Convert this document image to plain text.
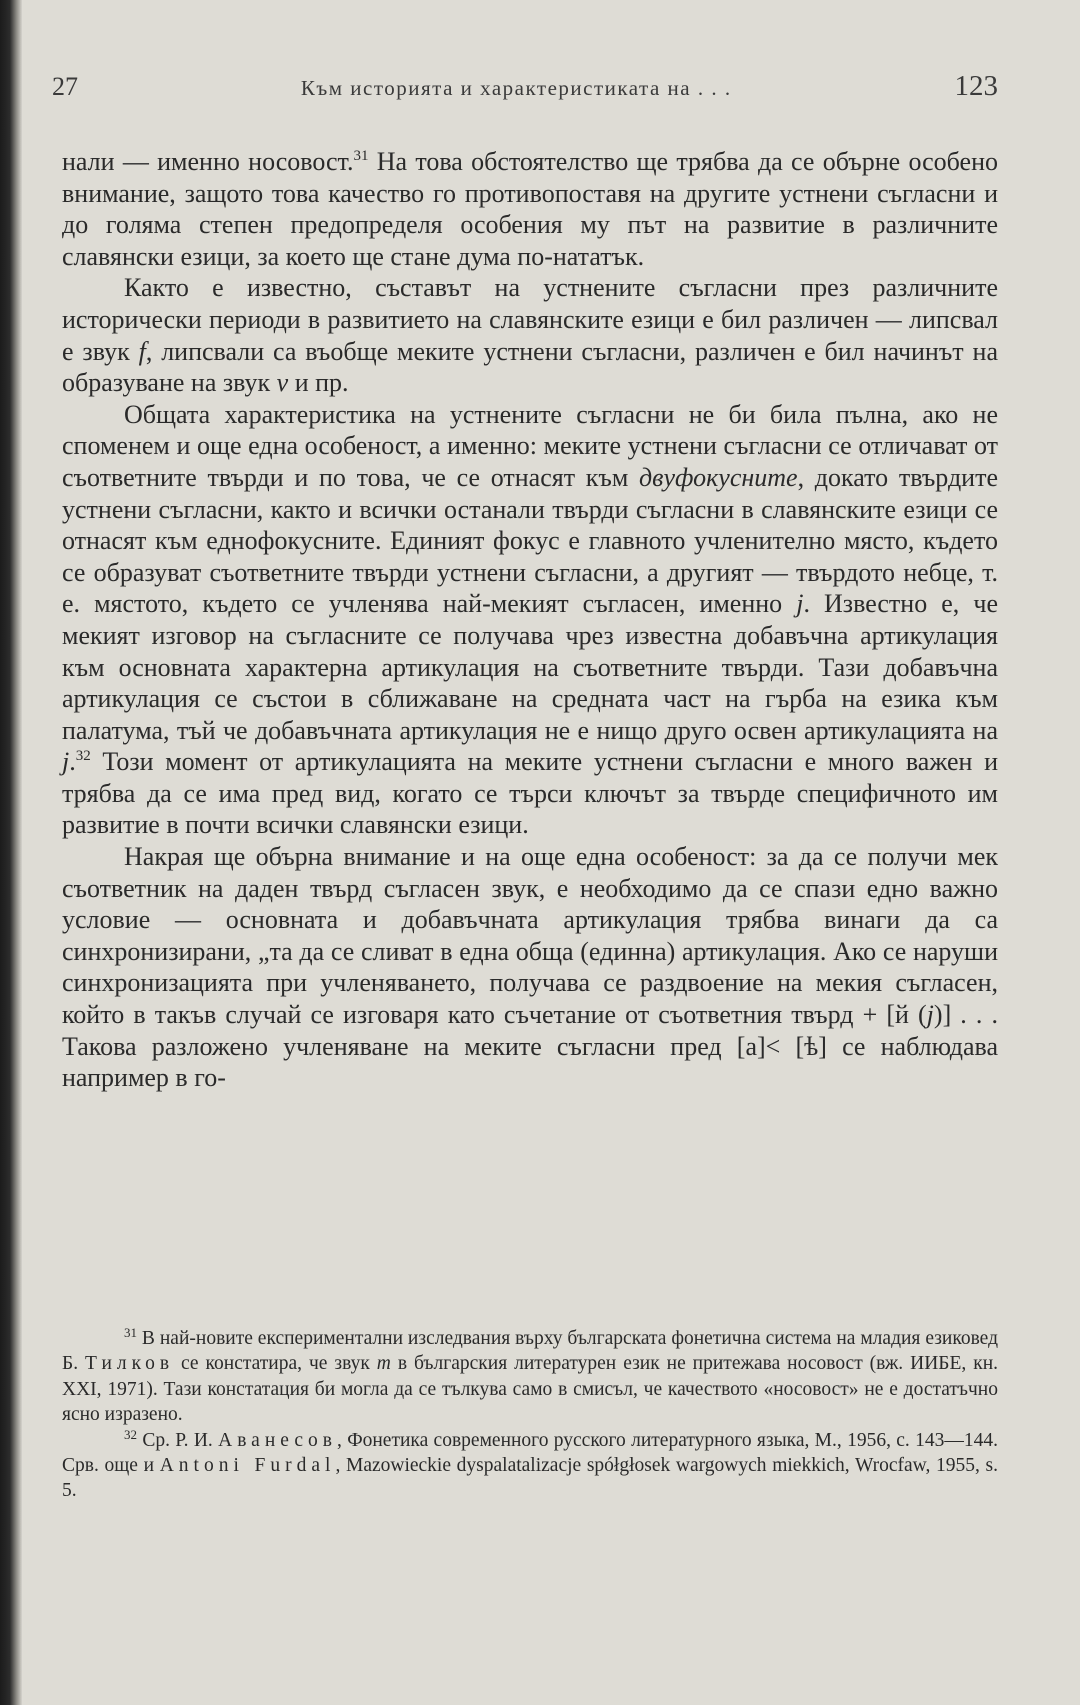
27	Към историята и характеристиката на . . .	123

нали — именно носовост.$^{31}$ На това обстоятелство ще трябва да се обърне особено внимание, защото това качество го противопоставя на другите устнени съгласни и до голяма степен предопределя особения му път на развитие в различните славянски езици, за което ще стане дума по-нататък.

Както е известно, съставът на устнените съгласни през различните исторически периоди в развитието на славянските езици е бил различен — липсвал е звук f, липсвали са въобще меките устнени съгласни, различен е бил начинът на образуване на звук v и пр.

Общата характеристика на устнените съгласни не би била пълна, ако не споменем и още една особеност, а именно: меките устнени съгласни се отличават от съответните твърди и по това, че се отнасят към двуфокусните, докато твърдите устнени съгласни, както и всички останали твърди съгласни в славянските езици се отнасят към еднофокусните. Единият фокус е главното учленително място, където се образуват съответните твърди устнени съгласни, а другият — твърдото небце, т. е. мястото, където се учленява най-мекият съгласен, именно j. Известно е, че мекият изговор на съгласните се получава чрез известна добавъчна артикулация към основната характерна артикулация на съответните твърди. Тази добавъчна артикулация се състои в сближаване на средната част на гърба на езика към палатума, тъй че добавъчната артикулация не е нищо друго освен артикулацията на j.$^{32}$ Този момент от артикулацията на меките устнени съгласни е много важен и трябва да се има пред вид, когато се търси ключът за твърде специфичното им развитие в почти всички славянски езици.

Накрая ще обърна внимание и на още една особеност: за да се получи мек съответник на даден твърд съгласен звук, е необходимо да се спази едно важно условие — основната и добавъчната артикулация трябва винаги да са синхронизирани, „та да се сливат в една обща (единна) артикулация. Ако се наруши синхронизацията при учленяването, получава се раздвоение на мекия съгласен, който в такъв случай се изговаря като съчетание от съответния твърд + [й (j)] . . . Такова разложено учленяване на меките съгласни пред [а]< [ѣ] се наблюдава например в го-

$^{31}$ В най-новите експериментални изследвания върху българската фонетична система на младия езиковед Б. Тилков се констатира, че звук m в българския литературен език не притежава носовост (вж. ИИБЕ, кн. XXI, 1971). Тази констатация би могла да се тълкува само в смисъл, че качеството «носовост» не е достатъчно ясно изразено.

$^{32}$ Ср. Р. И. Аванесов, Фонетика современного русского литературного языка, М., 1956, с. 143—144. Срв. още и Antoni Furdal, Mazowieckie dyspalatalizacje spółgłosek wargowych miekkich, Wrocfaw, 1955, s. 5.
